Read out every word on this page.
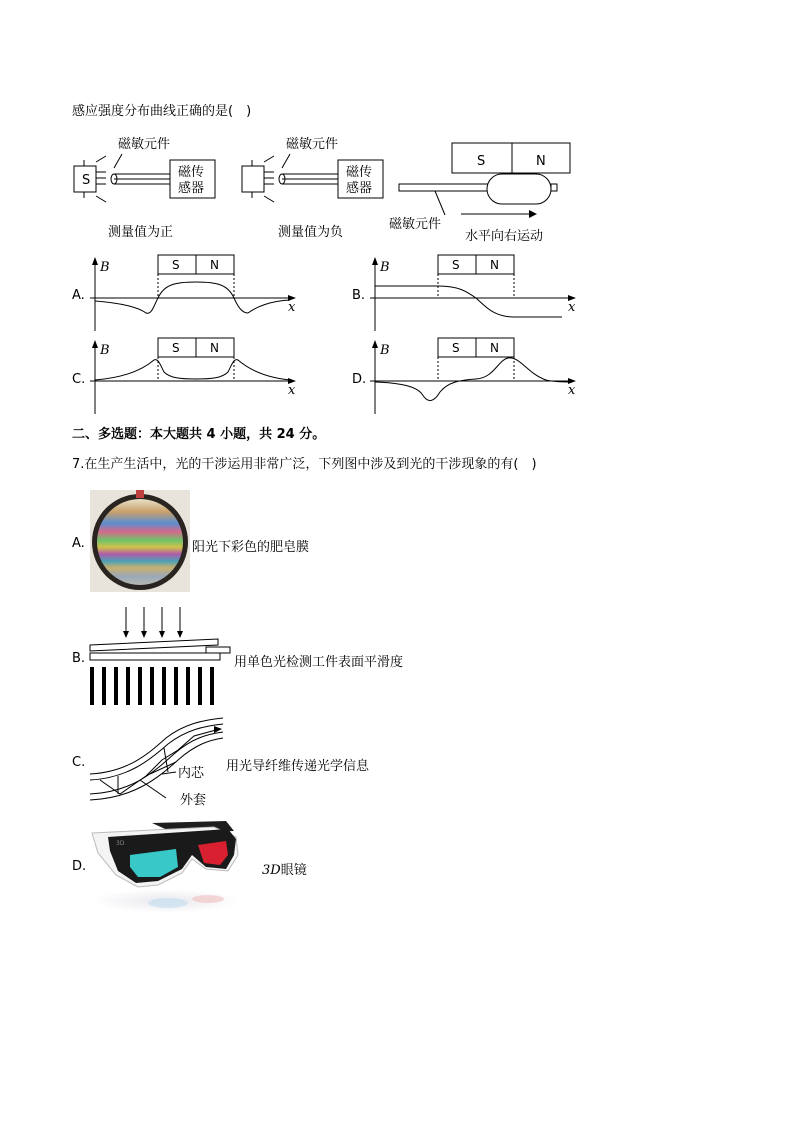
感应强度分布曲线正确的是(　)
S
磁传
感器
磁敏元件
测量值为正
磁传
感器
磁敏元件
测量值为负
S	N
磁敏元件
水平向右运动
A.
B
x
S	N
B.
B
x
S	N
C.
B
x
S	N
D.
B
x
S	N
二、多选题：本大题共 4 小题，共 24 分。
7.在生产生活中，光的干涉运用非常广泛，下列图中涉及到光的干涉现象的有(　)
A.	阳光下彩色的肥皂膜
B.	用单色光检测工件表面平滑度
C.
内芯
外套
用光导纤维传递光学信息
D.
3D
3D眼镜
